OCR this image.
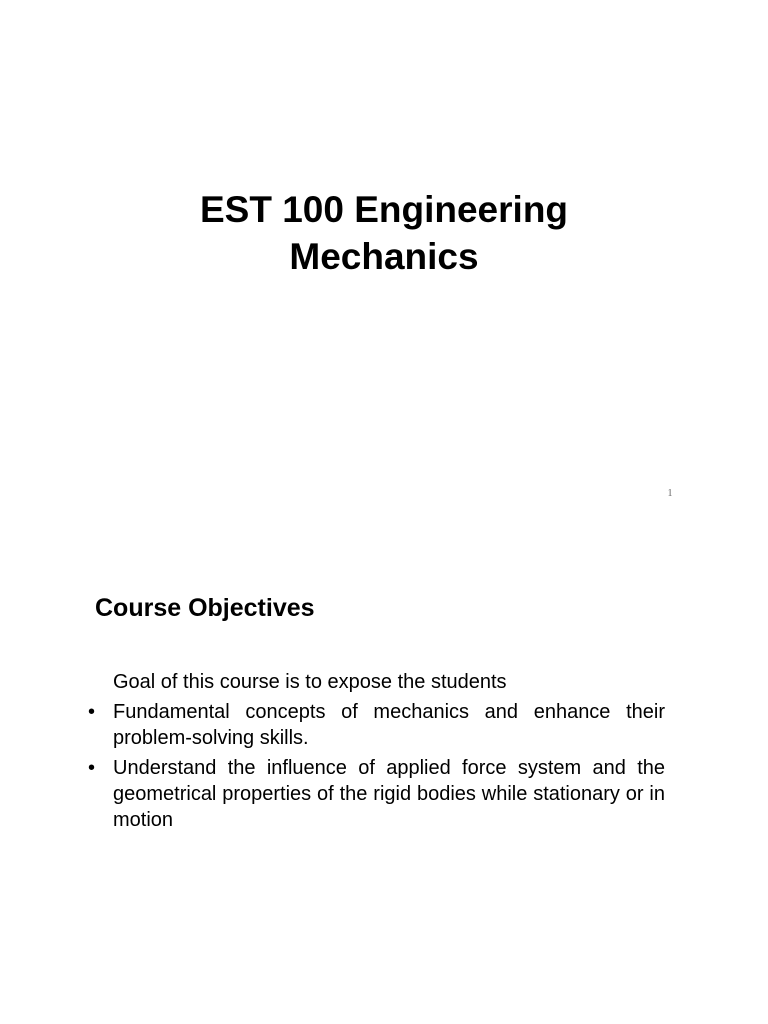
EST 100 Engineering
Mechanics
1
Course Objectives

Goal of this course is to expose the students

• Fundamental concepts of mechanics and enhance their problem-solving skills.
• Understand the influence of applied force system and the geometrical properties of the rigid bodies while stationary or in motion
